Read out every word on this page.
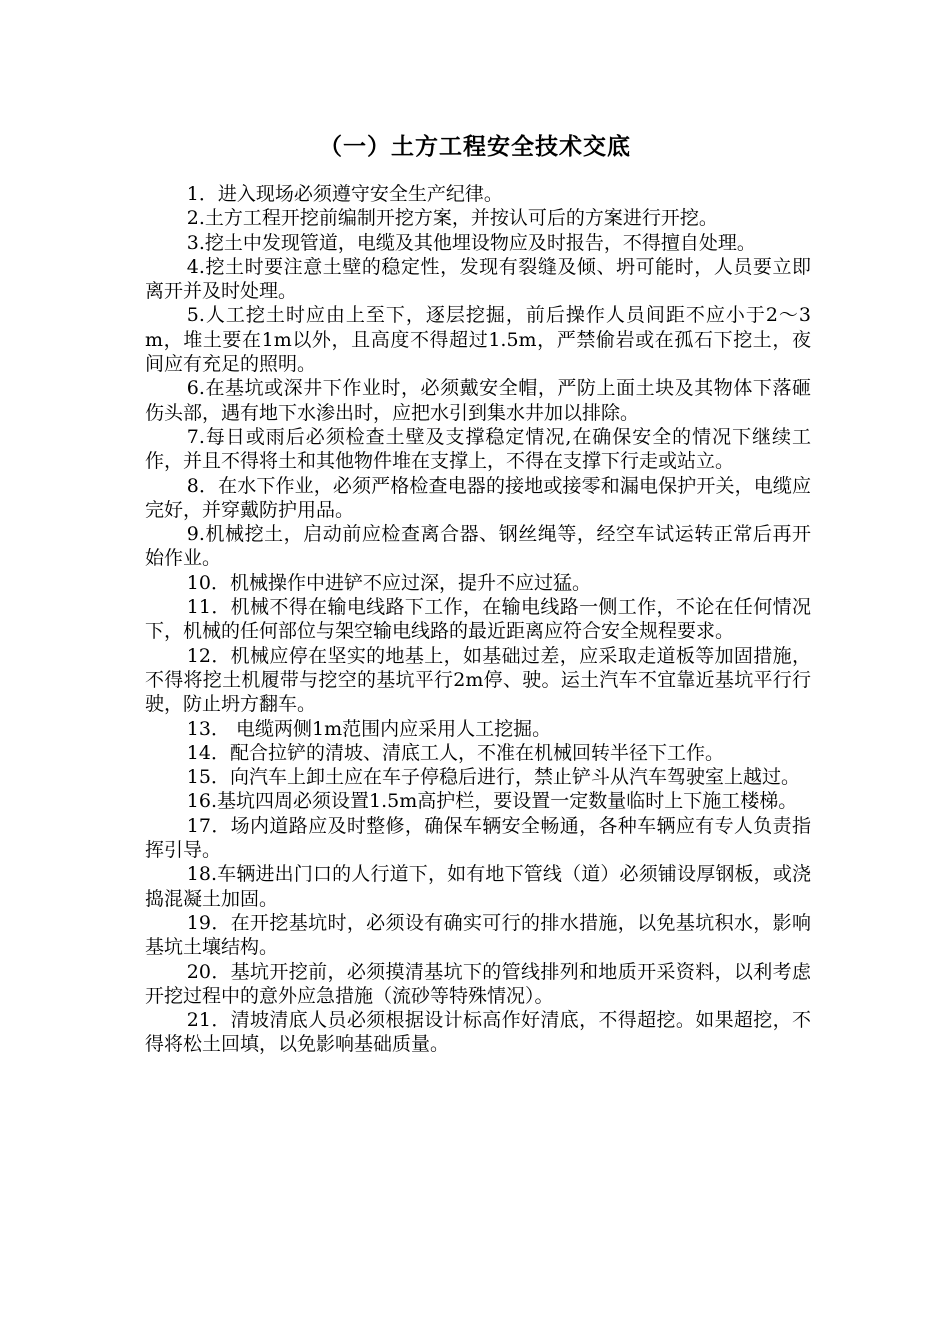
（一）土方工程安全技术交底

1．进入现场必须遵守安全生产纪律。

2.土方工程开挖前编制开挖方案，并按认可后的方案进行开挖。

3.挖土中发现管道，电缆及其他埋设物应及时报告，不得擅自处理。

4.挖土时要注意土壁的稳定性，发现有裂缝及倾、坍可能时，人员要立即离开并及时处理。

5.人工挖土时应由上至下，逐层挖掘，前后操作人员间距不应小于2～3m，堆土要在1m以外，且高度不得超过1.5m，严禁偷岩或在孤石下挖土，夜间应有充足的照明。

6.在基坑或深井下作业时，必须戴安全帽，严防上面土块及其物体下落砸伤头部，遇有地下水渗出时，应把水引到集水井加以排除。

7.每日或雨后必须检查土壁及支撑稳定情况,在确保安全的情况下继续工作，并且不得将土和其他物件堆在支撑上，不得在支撑下行走或站立。

8．在水下作业，必须严格检查电器的接地或接零和漏电保护开关，电缆应完好，并穿戴防护用品。

9.机械挖土，启动前应检查离合器、钢丝绳等，经空车试运转正常后再开始作业。

10．机械操作中进铲不应过深，提升不应过猛。

11．机械不得在输电线路下工作，在输电线路一侧工作，不论在任何情况下，机械的任何部位与架空输电线路的最近距离应符合安全规程要求。

12．机械应停在坚实的地基上，如基础过差，应采取走道板等加固措施，不得将挖土机履带与挖空的基坑平行2m停、驶。运土汽车不宜靠近基坑平行行驶，防止坍方翻车。

13． 电缆两侧1m范围内应采用人工挖掘。

14．配合拉铲的清坡、清底工人，不准在机械回转半径下工作。

15．向汽车上卸土应在车子停稳后进行，禁止铲斗从汽车驾驶室上越过。

16.基坑四周必须设置1.5m高护栏，要设置一定数量临时上下施工楼梯。

17．场内道路应及时整修，确保车辆安全畅通，各种车辆应有专人负责指挥引导。

18.车辆进出门口的人行道下，如有地下管线（道）必须铺设厚钢板，或浇捣混凝土加固。

19．在开挖基坑时，必须设有确实可行的排水措施，以免基坑积水，影响基坑土壤结构。

20．基坑开挖前，必须摸清基坑下的管线排列和地质开采资料，以利考虑开挖过程中的意外应急措施（流砂等特殊情况）。

21．清坡清底人员必须根据设计标高作好清底，不得超挖。如果超挖，不得将松土回填，以免影响基础质量。
